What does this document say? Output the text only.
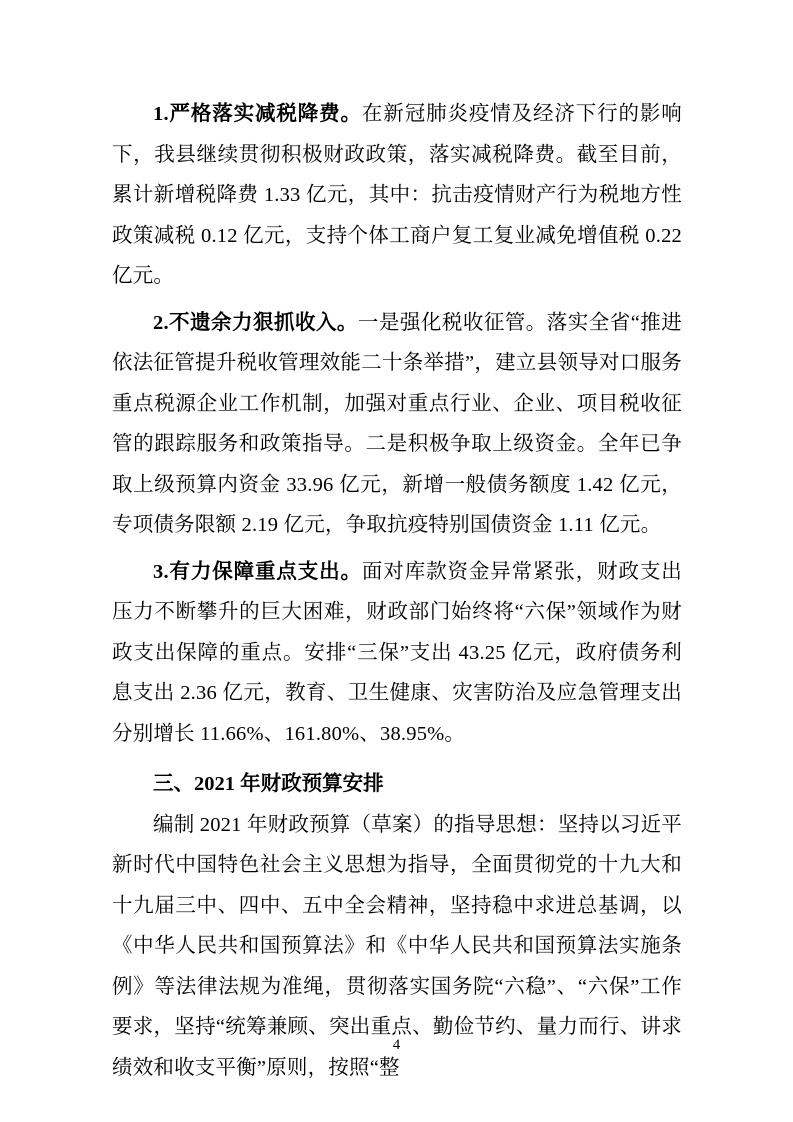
1.严格落实减税降费。在新冠肺炎疫情及经济下行的影响下，我县继续贯彻积极财政政策，落实减税降费。截至目前，累计新增税降费 1.33 亿元，其中：抗击疫情财产行为税地方性政策减税 0.12 亿元，支持个体工商户复工复业减免增值税 0.22 亿元。

2.不遗余力狠抓收入。一是强化税收征管。落实全省“推进依法征管提升税收管理效能二十条举措”，建立县领导对口服务重点税源企业工作机制，加强对重点行业、企业、项目税收征管的跟踪服务和政策指导。二是积极争取上级资金。全年已争取上级预算内资金 33.96 亿元，新增一般债务额度 1.42 亿元，专项债务限额 2.19 亿元，争取抗疫特别国债资金 1.11 亿元。

3.有力保障重点支出。面对库款资金异常紧张，财政支出压力不断攀升的巨大困难，财政部门始终将“六保”领域作为财政支出保障的重点。安排“三保”支出 43.25 亿元，政府债务利息支出 2.36 亿元，教育、卫生健康、灾害防治及应急管理支出分别增长 11.66%、161.80%、38.95%。

三、2021 年财政预算安排

编制 2021 年财政预算（草案）的指导思想：坚持以习近平新时代中国特色社会主义思想为指导，全面贯彻党的十九大和十九届三中、四中、五中全会精神，坚持稳中求进总基调，以《中华人民共和国预算法》和《中华人民共和国预算法实施条例》等法律法规为准绳，贯彻落实国务院“六稳”、“六保”工作要求，坚持“统筹兼顾、突出重点、勤俭节约、量力而行、讲求绩效和收支平衡”原则，按照“整

4
